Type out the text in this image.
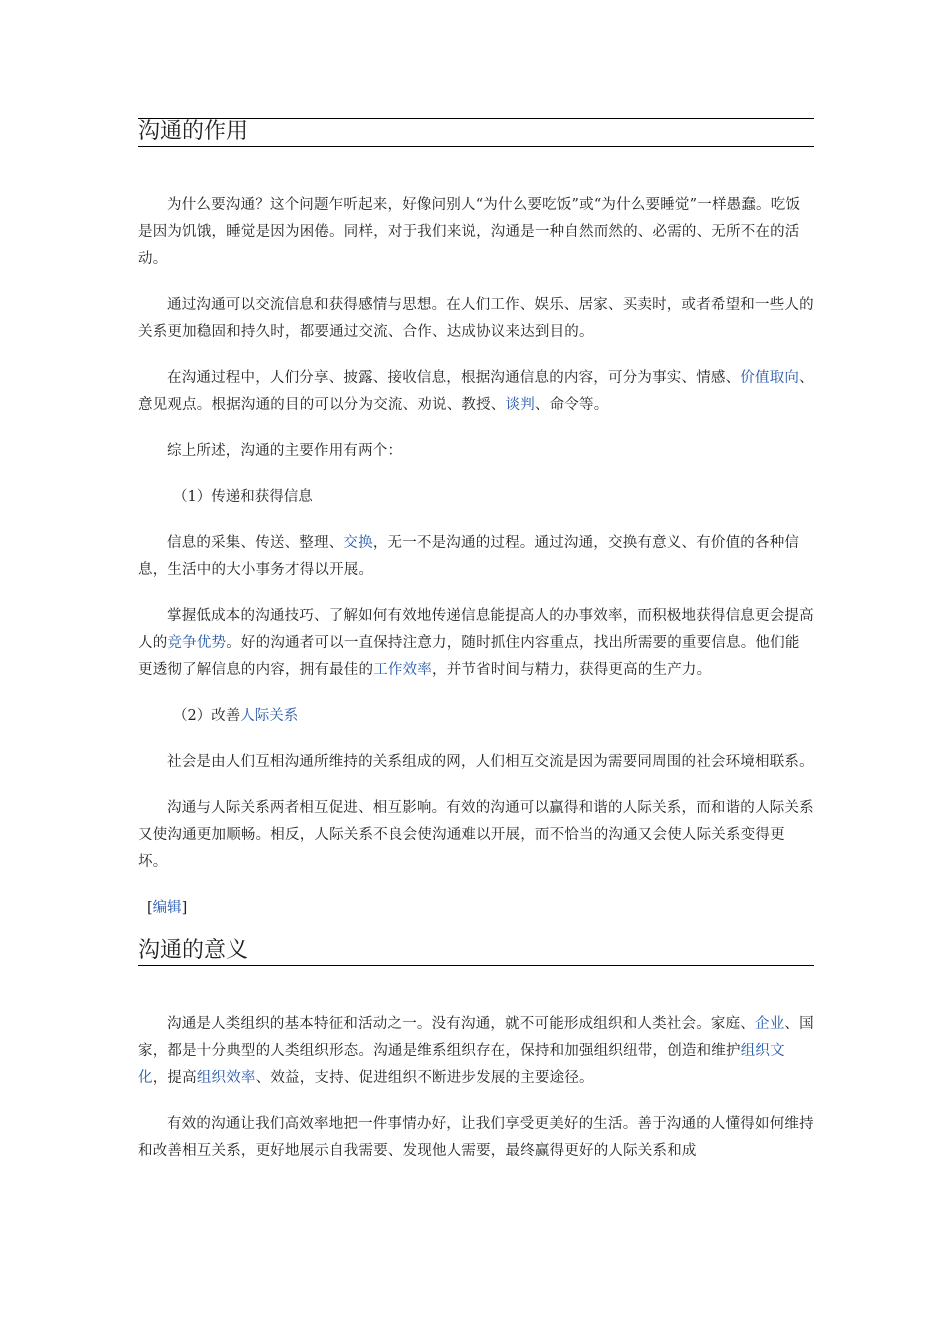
沟通的作用

为什么要沟通？这个问题乍听起来，好像问别人“为什么要吃饭”或“为什么要睡觉”一样愚蠢。吃饭是因为饥饿，睡觉是因为困倦。同样，对于我们来说，沟通是一种自然而然的、必需的、无所不在的活动。

通过沟通可以交流信息和获得感情与思想。在人们工作、娱乐、居家、买卖时，或者希望和一些人的关系更加稳固和持久时，都要通过交流、合作、达成协议来达到目的。

在沟通过程中，人们分享、披露、接收信息，根据沟通信息的内容，可分为事实、情感、价值取向、意见观点。根据沟通的目的可以分为交流、劝说、教授、谈判、命令等。

综上所述，沟通的主要作用有两个：

（1）传递和获得信息

信息的采集、传送、整理、交换，无一不是沟通的过程。通过沟通，交换有意义、有价值的各种信息，生活中的大小事务才得以开展。

掌握低成本的沟通技巧、了解如何有效地传递信息能提高人的办事效率，而积极地获得信息更会提高人的竞争优势。好的沟通者可以一直保持注意力，随时抓住内容重点，找出所需要的重要信息。他们能更透彻了解信息的内容，拥有最佳的工作效率，并节省时间与精力，获得更高的生产力。

（2）改善人际关系

社会是由人们互相沟通所维持的关系组成的网，人们相互交流是因为需要同周围的社会环境相联系。

沟通与人际关系两者相互促进、相互影响。有效的沟通可以赢得和谐的人际关系，而和谐的人际关系又使沟通更加顺畅。相反，人际关系不良会使沟通难以开展，而不恰当的沟通又会使人际关系变得更坏。

[编辑]

沟通的意义

沟通是人类组织的基本特征和活动之一。没有沟通，就不可能形成组织和人类社会。家庭、企业、国家，都是十分典型的人类组织形态。沟通是维系组织存在，保持和加强组织纽带，创造和维护组织文化，提高组织效率、效益，支持、促进组织不断进步发展的主要途径。

有效的沟通让我们高效率地把一件事情办好，让我们享受更美好的生活。善于沟通的人懂得如何维持和改善相互关系，更好地展示自我需要、发现他人需要，最终赢得更好的人际关系和成
